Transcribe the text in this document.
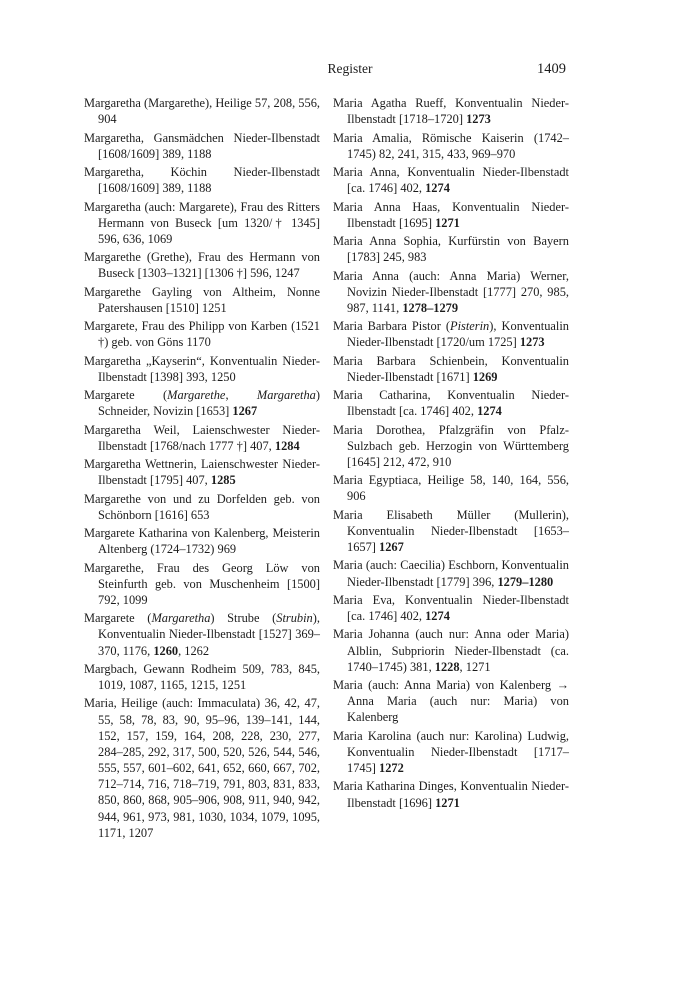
Register	1409

Margaretha (Margarethe), Heilige 57, 208, 556, 904

Margaretha, Gansmädchen Nieder-Ilbenstadt [1608/1609] 389, 1188

Margaretha, Köchin Nieder-Ilbenstadt [1608/1609] 389, 1188

Margaretha (auch: Margarete), Frau des Ritters Hermann von Buseck [um 1320/† 1345] 596, 636, 1069

Margarethe (Grethe), Frau des Hermann von Buseck [1303–1321] [1306 †] 596, 1247

Margarethe Gayling von Altheim, Nonne Patershausen [1510] 1251

Margarete, Frau des Philipp von Karben (1521 †) geb. von Göns 1170

Margaretha „Kayserin“, Konventualin Nieder-Ilbenstadt [1398] 393, 1250

Margarete (Margarethe, Margaretha) Schneider, Novizin [1653] 1267

Margaretha Weil, Laienschwester Nieder-Ilbenstadt [1768/nach 1777 †] 407, 1284

Margaretha Wettnerin, Laienschwester Nieder-Ilbenstadt [1795] 407, 1285

Margarethe von und zu Dorfelden geb. von Schönborn [1616] 653

Margarete Katharina von Kalenberg, Meisterin Altenberg (1724–1732) 969

Margarethe, Frau des Georg Löw von Steinfurth geb. von Muschenheim [1500] 792, 1099

Margarete (Margaretha) Strube (Strubin), Konventualin Nieder-Ilbenstadt [1527] 369–370, 1176, 1260, 1262

Margbach, Gewann Rodheim 509, 783, 845, 1019, 1087, 1165, 1215, 1251

Maria, Heilige (auch: Immaculata) 36, 42, 47, 55, 58, 78, 83, 90, 95–96, 139–141, 144, 152, 157, 159, 164, 208, 228, 230, 277, 284–285, 292, 317, 500, 520, 526, 544, 546, 555, 557, 601–602, 641, 652, 660, 667, 702, 712–714, 716, 718–719, 791, 803, 831, 833, 850, 860, 868, 905–906, 908, 911, 940, 942, 944, 961, 973, 981, 1030, 1034, 1079, 1095, 1171, 1207

Maria Agatha Rueff, Konventualin Nieder-Ilbenstadt [1718–1720] 1273

Maria Amalia, Römische Kaiserin (1742–1745) 82, 241, 315, 433, 969–970

Maria Anna, Konventualin Nieder-Ilbenstadt [ca. 1746] 402, 1274

Maria Anna Haas, Konventualin Nieder-Ilbenstadt [1695] 1271

Maria Anna Sophia, Kurfürstin von Bayern [1783] 245, 983

Maria Anna (auch: Anna Maria) Werner, Novizin Nieder-Ilbenstadt [1777] 270, 985, 987, 1141, 1278–1279

Maria Barbara Pistor (Pisterin), Konventualin Nieder-Ilbenstadt [1720/um 1725] 1273

Maria Barbara Schienbein, Konventualin Nieder-Ilbenstadt [1671] 1269

Maria Catharina, Konventualin Nieder-Ilbenstadt [ca. 1746] 402, 1274

Maria Dorothea, Pfalzgräfin von Pfalz-Sulzbach geb. Herzogin von Württemberg [1645] 212, 472, 910

Maria Egyptiaca, Heilige 58, 140, 164, 556, 906

Maria Elisabeth Müller (Mullerin), Konventualin Nieder-Ilbenstadt [1653–1657] 1267

Maria (auch: Caecilia) Eschborn, Konventualin Nieder-Ilbenstadt [1779] 396, 1279–1280

Maria Eva, Konventualin Nieder-Ilbenstadt [ca. 1746] 402, 1274

Maria Johanna (auch nur: Anna oder Maria) Alblin, Subpriorin Nieder-Ilbenstadt (ca. 1740–1745) 381, 1228, 1271

Maria (auch: Anna Maria) von Kalenberg → Anna Maria (auch nur: Maria) von Kalenberg

Maria Karolina (auch nur: Karolina) Ludwig, Konventualin Nieder-Ilbenstadt [1717–1745] 1272

Maria Katharina Dinges, Konventualin Nieder-Ilbenstadt [1696] 1271
